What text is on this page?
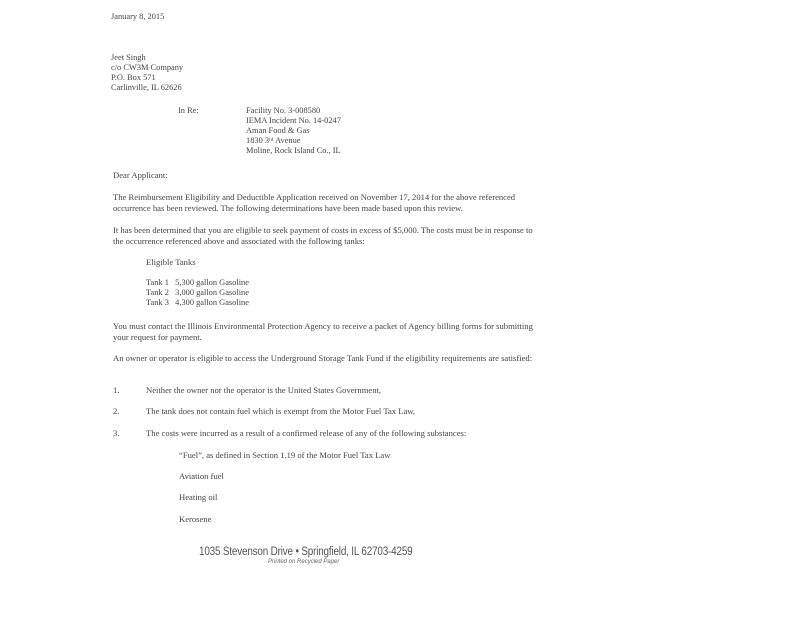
January 8, 2015
Jeet Singh
c/o CW3M Company
P.O. Box 571
Carlinville, IL 62626
In Re:	Facility No. 3-008580
IEMA Incident No. 14-0247
Aman Food & Gas
1830 3ʳᵈ Avenue
Moline, Rock Island Co., IL
Dear Applicant:

The Reimbursement Eligibility and Deductible Application received on November 17, 2014 for the above referenced occurrence has been reviewed. The following determinations have been made based upon this review.

It has been determined that you are eligible to seek payment of costs in excess of $5,000. The costs must be in response to the occurrence referenced above and associated with the following tanks:

Eligible Tanks
Tank 1   5,300 gallon Gasoline
Tank 2   3,000 gallon Gasoline
Tank 3   4,300 gallon Gasoline

You must contact the Illinois Environmental Protection Agency to receive a packet of Agency billing forms for submitting your request for payment.

An owner or operator is eligible to access the Underground Storage Tank Fund if the eligibility requirements are satisfied:

1.	Neither the owner nor the operator is the United States Government,
2.	The tank does not contain fuel which is exempt from the Motor Fuel Tax Law,
3.	The costs were incurred as a result of a confirmed release of any of the following substances:
“Fuel”, as defined in Section 1.19 of the Motor Fuel Tax Law
Aviation fuel
Heating oil
Kerosene
1035 Stevenson Drive • Springfield, IL 62703-4259
Printed on Recycled Paper
